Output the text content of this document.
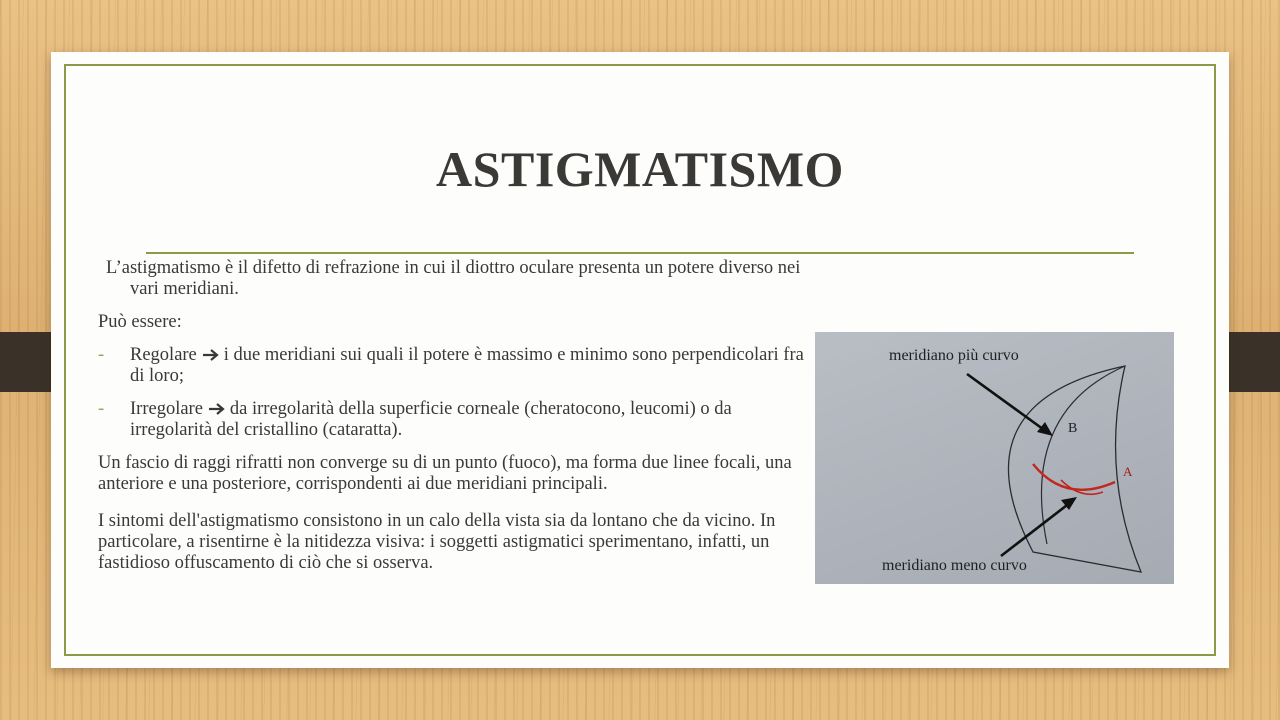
ASTIGMATISMO

L’astigmatismo è il difetto di refrazione in cui il diottro oculare presenta un potere diverso nei vari meridiani.

Può essere:

- Regolare i due meridiani sui quali il potere è massimo e minimo sono perpendicolari fra di loro;
- Irregolare da irregolarità della superficie corneale (cheratocono, leucomi) o da irregolarità del cristallino (cataratta).

Un fascio di raggi rifratti non converge su di un punto (fuoco), ma forma due linee focali, una anteriore e una posteriore, corrispondenti ai due meridiani principali.

I sintomi dell'astigmatismo consistono in un calo della vista sia da lontano che da vicino. In particolare, a risentirne è la nitidezza visiva: i soggetti astigmatici sperimentano, infatti, un fastidioso offuscamento di ciò che si osserva.

meridiano più curvo
meridiano meno curvo
B
A
